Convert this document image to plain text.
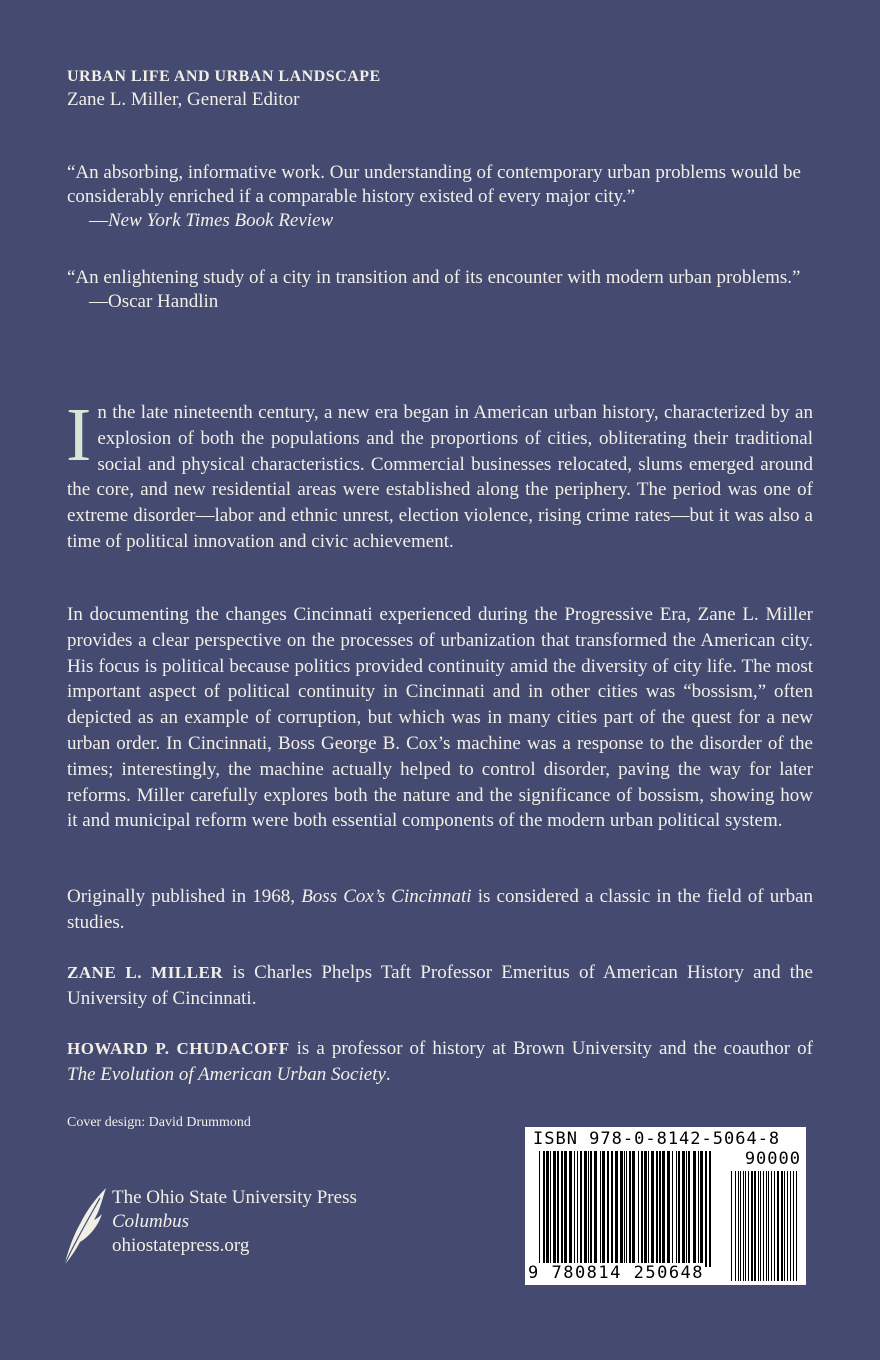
URBAN LIFE AND URBAN LANDSCAPE
Zane L. Miller, General Editor
“An absorbing, informative work. Our understanding of contemporary urban problems would be considerably enriched if a comparable history existed of every major city.”
—New York Times Book Review
“An enlightening study of a city in transition and of its encounter with modern urban problems.”
—Oscar Handlin
In the late nineteenth century, a new era began in American urban history, characterized by an explosion of both the populations and the proportions of cities, obliterating their traditional social and physical characteristics. Commercial businesses relocated, slums emerged around the core, and new residential areas were established along the periphery. The period was one of extreme disorder—labor and ethnic unrest, election violence, rising crime rates—but it was also a time of political innovation and civic achievement.
In documenting the changes Cincinnati experienced during the Progressive Era, Zane L. Miller provides a clear perspective on the processes of urbanization that transformed the American city. His focus is political because politics provided continuity amid the diversity of city life. The most important aspect of political continuity in Cincinnati and in other cities was “bossism,” often depicted as an example of corruption, but which was in many cities part of the quest for a new urban order. In Cincinnati, Boss George B. Cox’s machine was a response to the disorder of the times; interestingly, the machine actually helped to control disorder, paving the way for later reforms. Miller carefully explores both the nature and the significance of bossism, showing how it and municipal reform were both essential components of the modern urban political system.
Originally published in 1968, Boss Cox’s Cincinnati is considered a classic in the field of urban studies.
ZANE L. MILLER is Charles Phelps Taft Professor Emeritus of American History and the University of Cincinnati.
HOWARD P. CHUDACOFF is a professor of history at Brown University and the coauthor of The Evolution of American Urban Society.
Cover design: David Drummond
The Ohio State University Press
Columbus
ohiostatepress.org
ISBN 978-0-8142-5064-8
90000
9 780814 250648
